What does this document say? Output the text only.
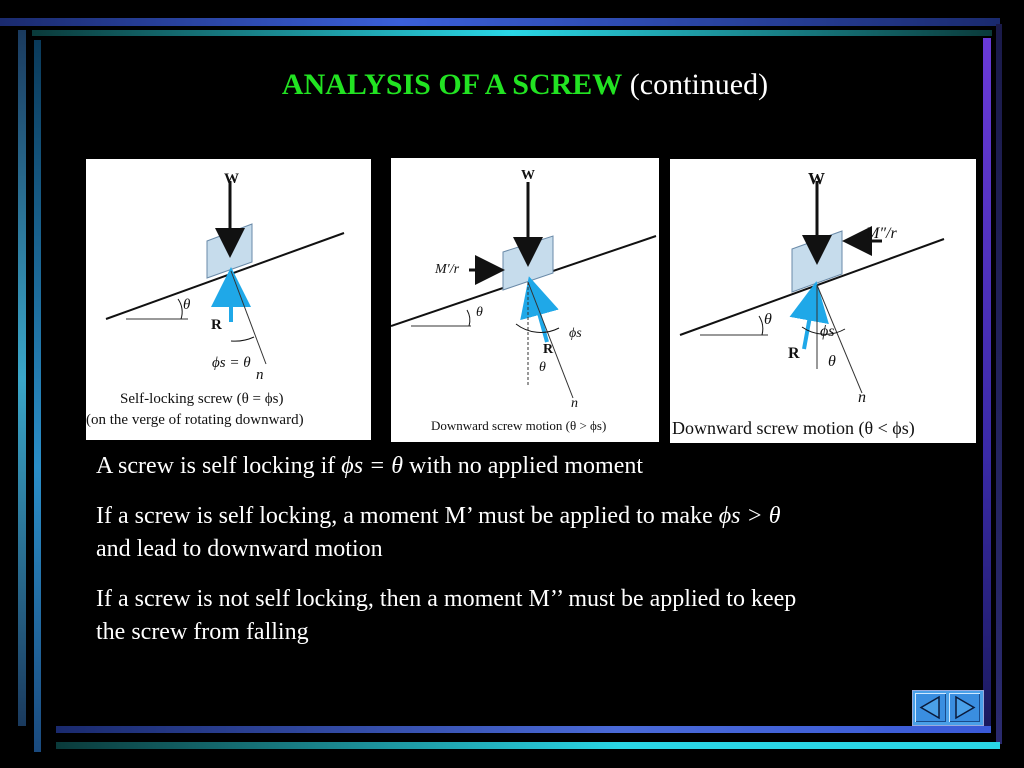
ANALYSIS OF A SCREW (continued)
W
θ
R
ϕs = θ
n
Self-locking screw (θ = ϕs)
(on the verge of rotating downward)
W
M′/r
θ
ϕs
R
θ
n
Downward screw motion (θ > ϕs)
W
M″/r
θ
ϕs
R θ
n
Downward screw motion (θ < ϕs)

A screw is self locking if ϕs = θ with no applied moment

If a screw is self locking, a moment M’ must be applied to make ϕs > θ and lead to downward motion

If a screw is not self locking, then a moment M’’ must be applied to keep the screw from falling
